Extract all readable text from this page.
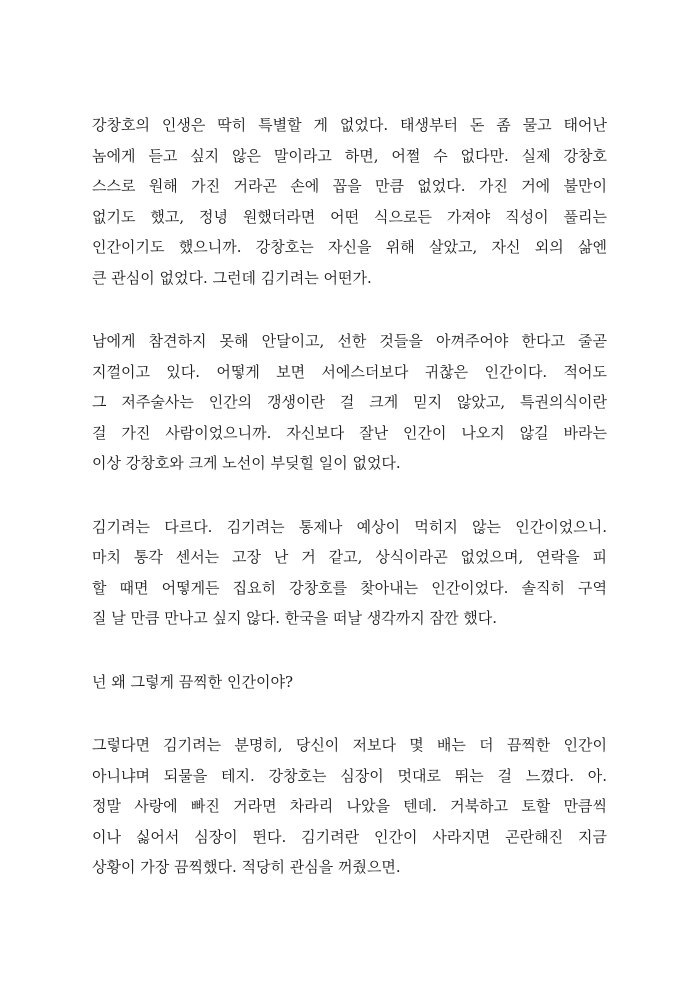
강창호의 인생은 딱히 특별할 게 없었다. 태생부터 돈 좀 물고 태어난
놈에게 듣고 싶지 않은 말이라고 하면, 어쩔 수 없다만. 실제 강창호
스스로 원해 가진 거라곤 손에 꼽을 만큼 없었다. 가진 거에 불만이
없기도 했고, 정녕 원했더라면 어떤 식으로든 가져야 직성이 풀리는
인간이기도 했으니까. 강창호는 자신을 위해 살았고, 자신 외의 삶엔
큰 관심이 없었다. 그런데 김기려는 어떤가.
남에게 참견하지 못해 안달이고, 선한 것들을 아껴주어야 한다고 줄곧
지껄이고 있다. 어떻게 보면 서에스더보다 귀찮은 인간이다. 적어도
그 저주술사는 인간의 갱생이란 걸 크게 믿지 않았고, 특권의식이란
걸 가진 사람이었으니까. 자신보다 잘난 인간이 나오지 않길 바라는
이상 강창호와 크게 노선이 부딪힐 일이 없었다.
김기려는 다르다. 김기려는 통제나 예상이 먹히지 않는 인간이었으니.
마치 통각 센서는 고장 난 거 같고, 상식이라곤 없었으며, 연락을 피
할 때면 어떻게든 집요히 강창호를 찾아내는 인간이었다. 솔직히 구역
질 날 만큼 만나고 싶지 않다. 한국을 떠날 생각까지 잠깐 했다.
넌 왜 그렇게 끔찍한 인간이야?
그렇다면 김기려는 분명히, 당신이 저보다 몇 배는 더 끔찍한 인간이
아니냐며 되물을 테지. 강창호는 심장이 멋대로 뛰는 걸 느꼈다. 아.
정말 사랑에 빠진 거라면 차라리 나았을 텐데. 거북하고 토할 만큼씩
이나 싫어서 심장이 뛴다. 김기려란 인간이 사라지면 곤란해진 지금
상황이 가장 끔찍했다. 적당히 관심을 꺼줬으면.
